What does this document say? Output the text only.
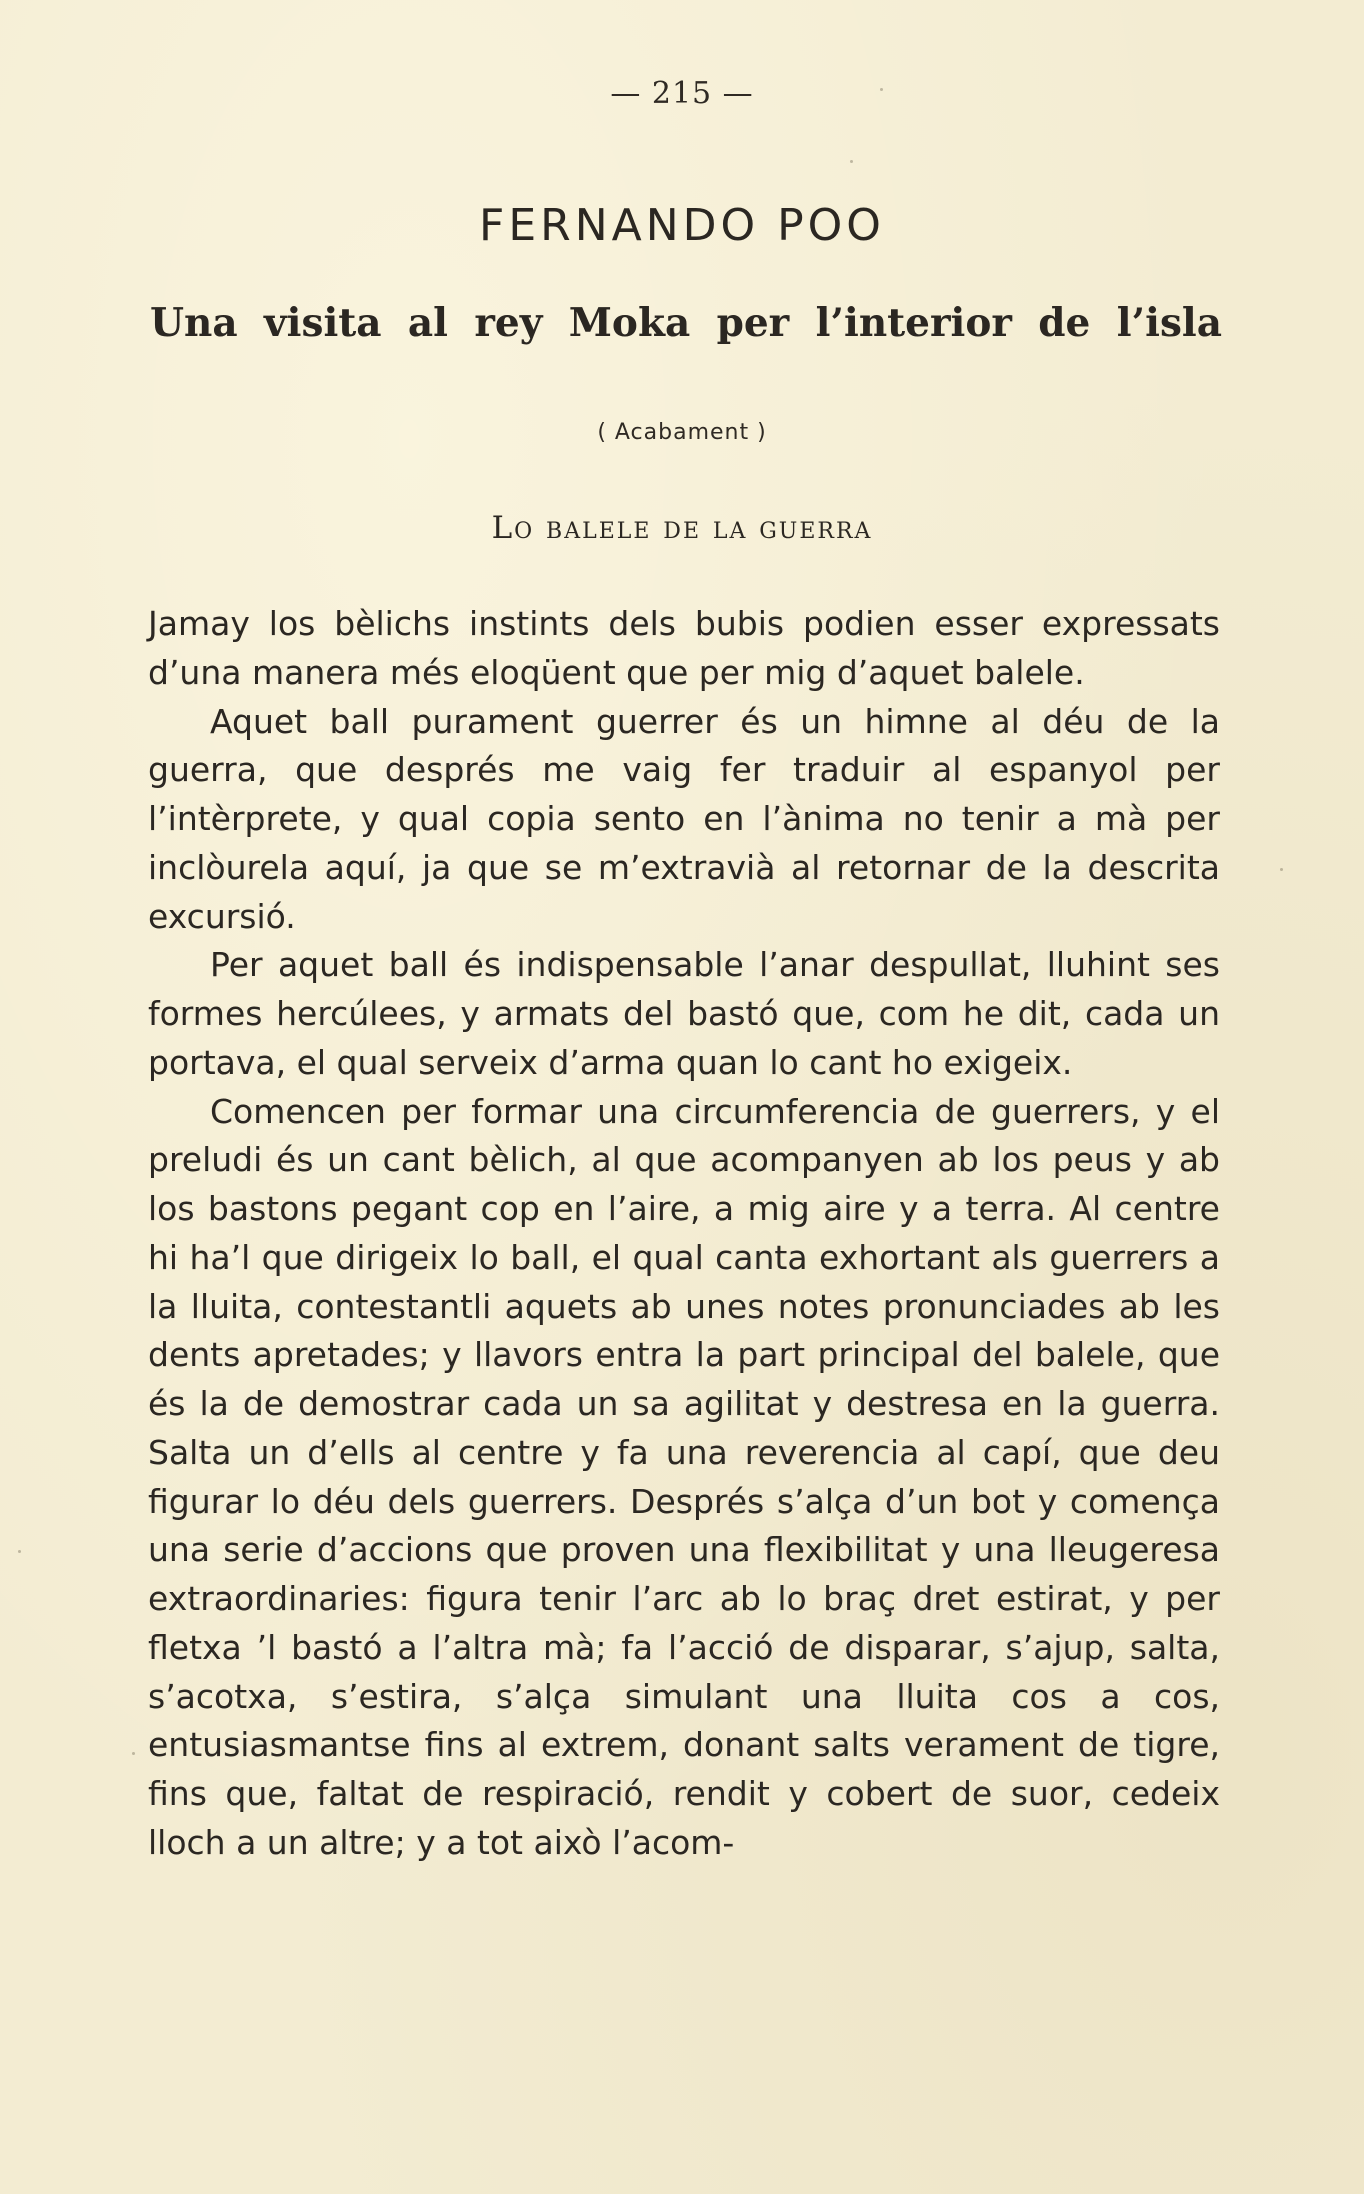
— 215 —
FERNANDO POO
Una visita al rey Moka per l’interior de l’isla
( Acabament )
Lo balele de la guerra

Jamay los bèlichs instints dels bubis podien esser expressats d’una manera més eloqüent que per mig d’aquet balele.

Aquet ball purament guerrer és un himne al déu de la guerra, que després me vaig fer traduir al espanyol per l’intèrprete, y qual copia sento en l’ànima no tenir a mà per inclòurela aquí, ja que se m’extravià al retornar de la descrita excursió.

Per aquet ball és indispensable l’anar despullat, lluhint ses formes hercúlees, y armats del bastó que, com he dit, cada un portava, el qual serveix d’arma quan lo cant ho exigeix.

Comencen per formar una circumferencia de guerrers, y el preludi és un cant bèlich, al que acompanyen ab los peus y ab los bastons pegant cop en l’aire, a mig aire y a terra. Al centre hi ha’l que dirigeix lo ball, el qual canta exhortant als guerrers a la lluita, contestantli aquets ab unes notes pronunciades ab les dents apretades; y llavors entra la part principal del balele, que és la de demostrar cada un sa agilitat y destresa en la guerra. Salta un d’ells al centre y fa una reverencia al capí, que deu figurar lo déu dels guerrers. Després s’alça d’un bot y comença una serie d’accions que proven una flexibilitat y una lleugeresa extraordinaries: figura tenir l’arc ab lo braç dret estirat, y per fletxa ’l bastó a l’altra mà; fa l’acció de disparar, s’ajup, salta, s’acotxa, s’estira, s’alça simulant una lluita cos a cos, entusiasmantse fins al extrem, donant salts verament de tigre, fins que, faltat de respiració, rendit y cobert de suor, cedeix lloch a un altre; y a tot això l’acom-
